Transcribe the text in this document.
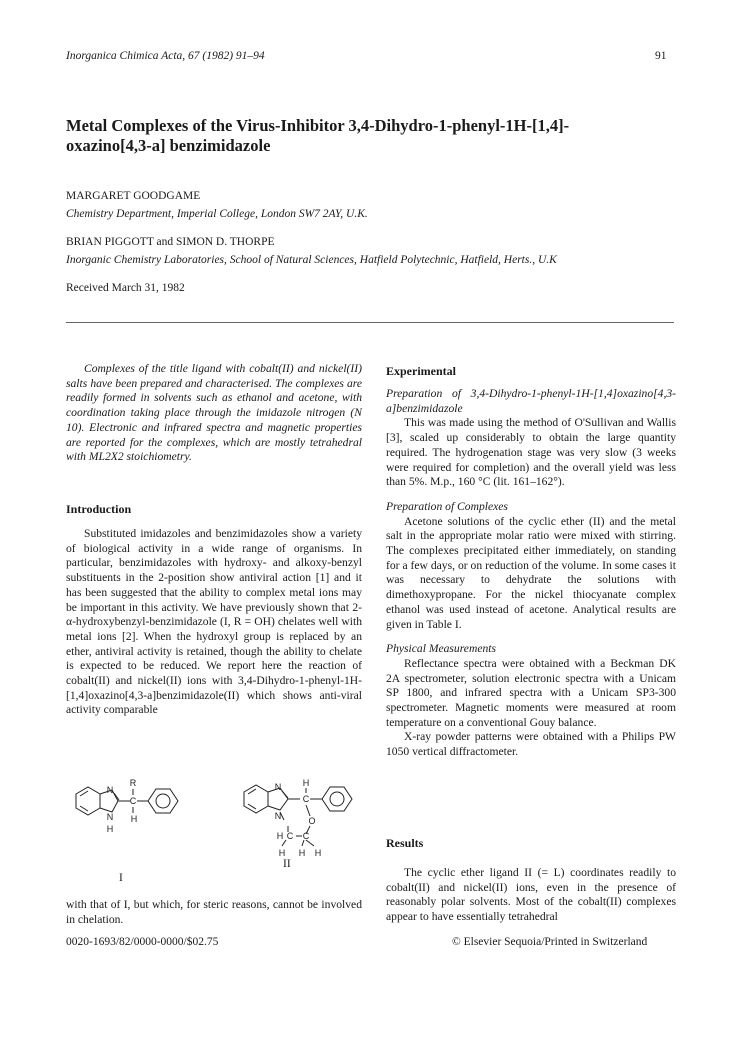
Inorganica Chimica Acta, 67 (1982) 91–94	91
Metal Complexes of the Virus-Inhibitor 3,4-Dihydro-1-phenyl-1H-[1,4]-
oxazino[4,3-a] benzimidazole
MARGARET GOODGAME
Chemistry Department, Imperial College, London SW7 2AY, U.K.
BRIAN PIGGOTT and SIMON D. THORPE
Inorganic Chemistry Laboratories, School of Natural Sciences, Hatfield Polytechnic, Hatfield, Herts., U.K
Received March 31, 1982

Complexes of the title ligand with cobalt(II) and nickel(II) salts have been prepared and characterised. The complexes are readily formed in solvents such as ethanol and acetone, with coordination taking place through the imidazole nitrogen (N 10). Electronic and infrared spectra and magnetic properties are reported for the complexes, which are mostly tetrahedral with ML2X2 stoichiometry.

Introduction

Substituted imidazoles and benzimidazoles show a variety of biological activity in a wide range of organisms. In particular, benzimidazoles with hydroxy- and alkoxy-benzyl substituents in the 2-position show antiviral action [1] and it has been suggested that the ability to complex metal ions may be important in this activity. We have previously shown that 2-α-hydroxybenzyl-benzimidazole (I, R = OH) chelates well with metal ions [2]. When the hydroxyl group is replaced by an ether, antiviral activity is retained, though the ability to chelate is expected to be reduced. We report here the reaction of cobalt(II) and nickel(II) ions with 3,4-Dihydro-1-phenyl-1H-[1,4]oxazino[4,3-a]benzimidazole(II) which shows anti-viral activity comparable

R
N
C
N
H
H
N H
C
N	O
H C C
H H H
I
II

with that of I, but which, for steric reasons, cannot be involved in chelation.

Experimental

Preparation of 3,4-Dihydro-1-phenyl-1H-[1,4]oxazino[4,3-a]benzimidazole

This was made using the method of O'Sullivan and Wallis [3], scaled up considerably to obtain the large quantity required. The hydrogenation stage was very slow (3 weeks were required for completion) and the overall yield was less than 5%. M.p., 160 °C (lit. 161–162°).

Preparation of Complexes

Acetone solutions of the cyclic ether (II) and the metal salt in the appropriate molar ratio were mixed with stirring. The complexes precipitated either immediately, on standing for a few days, or on reduction of the volume. In some cases it was necessary to dehydrate the solutions with dimethoxypropane. For the nickel thiocyanate complex ethanol was used instead of acetone. Analytical results are given in Table I.

Physical Measurements

Reflectance spectra were obtained with a Beckman DK 2A spectrometer, solution electronic spectra with a Unicam SP 1800, and infrared spectra with a Unicam SP3-300 spectrometer. Magnetic moments were measured at room temperature on a conventional Gouy balance.

X-ray powder patterns were obtained with a Philips PW 1050 vertical diffractometer.

Results

The cyclic ether ligand II (= L) coordinates readily to cobalt(II) and nickel(II) ions, even in the presence of reasonably polar solvents. Most of the cobalt(II) complexes appear to have essentially tetrahedral

0020-1693/82/0000-0000/$02.75	© Elsevier Sequoia/Printed in Switzerland
